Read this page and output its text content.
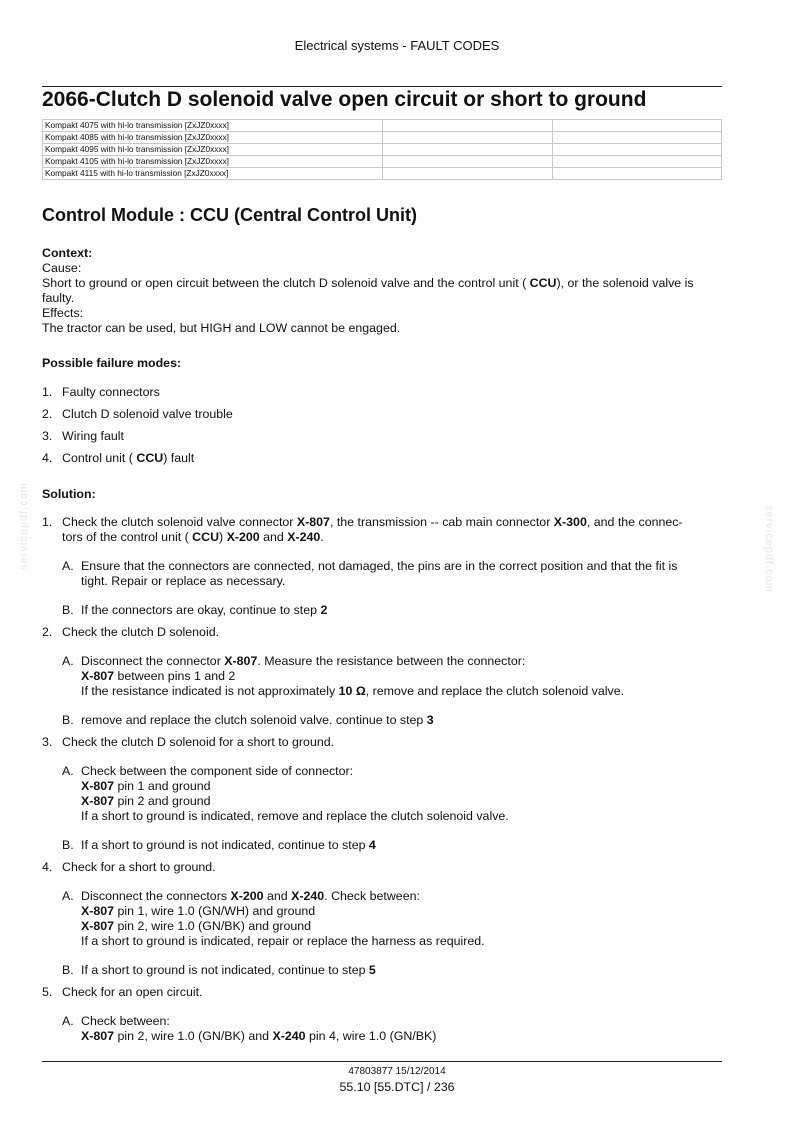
Electrical systems - FAULT CODES
2066-Clutch D solenoid valve open circuit or short to ground
Kompakt 4075 with hi-lo transmission [ZxJZ0xxxx]		
Kompakt 4085 with hi-lo transmission [ZxJZ0xxxx]		
Kompakt 4095 with hi-lo transmission [ZxJZ0xxxx]		
Kompakt 4105 with hi-lo transmission [ZxJZ0xxxx]		
Kompakt 4115 with hi-lo transmission [ZxJZ0xxxx]		
Control Module : CCU (Central Control Unit)
Context:
Cause:
Short to ground or open circuit between the clutch D solenoid valve and the control unit ( CCU), or the solenoid valve is faulty.
Effects:
The tractor can be used, but HIGH and LOW cannot be engaged.
Possible failure modes:
1. Faulty connectors
2. Clutch D solenoid valve trouble
3. Wiring fault
4. Control unit ( CCU) fault
Solution:
1. Check the clutch solenoid valve connector X-807, the transmission -- cab main connector X-300, and the connec-
tors of the control unit ( CCU) X-200 and X-240.
A. Ensure that the connectors are connected, not damaged, the pins are in the correct position and that the fit is
tight. Repair or replace as necessary.
B. If the connectors are okay, continue to step 2
2. Check the clutch D solenoid.
A. Disconnect the connector X-807. Measure the resistance between the connector:
X-807 between pins 1 and 2
If the resistance indicated is not approximately 10 Ω, remove and replace the clutch solenoid valve.
B. remove and replace the clutch solenoid valve. continue to step 3
3. Check the clutch D solenoid for a short to ground.
A. Check between the component side of connector:
X-807 pin 1 and ground
X-807 pin 2 and ground
If a short to ground is indicated, remove and replace the clutch solenoid valve.
B. If a short to ground is not indicated, continue to step 4
4. Check for a short to ground.
A. Disconnect the connectors X-200 and X-240. Check between:
X-807 pin 1, wire 1.0 (GN/WH) and ground
X-807 pin 2, wire 1.0 (GN/BK) and ground
If a short to ground is indicated, repair or replace the harness as required.
B. If a short to ground is not indicated, continue to step 5
5. Check for an open circuit.
A. Check between:
X-807 pin 2, wire 1.0 (GN/BK) and X-240 pin 4, wire 1.0 (GN/BK)
47803877 15/12/2014
55.10 [55.DTC] / 236
servicepdf.com	servicepdf.com
